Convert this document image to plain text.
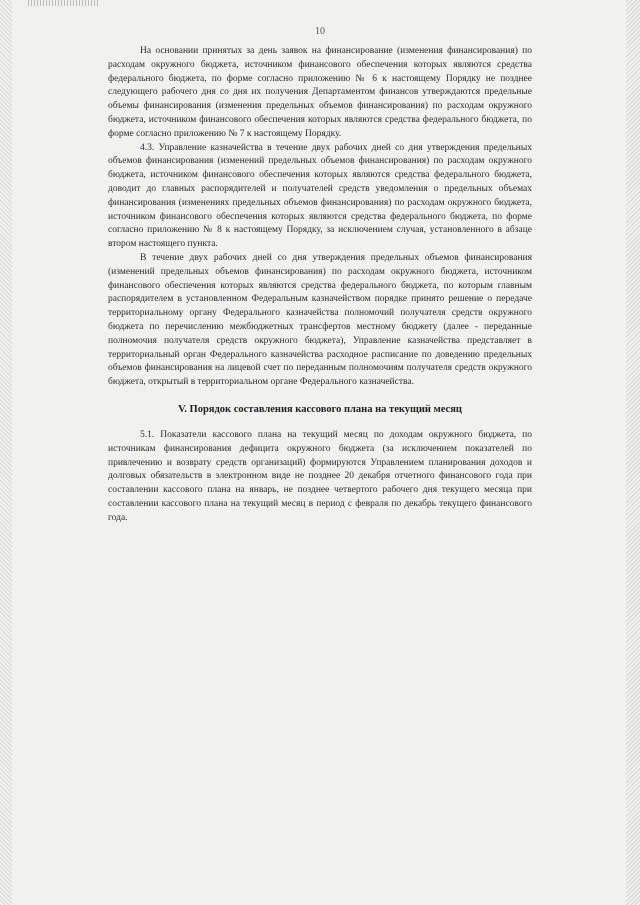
10

На основании принятых за день заявок на финансирование (изменения финансирования) по расходам окружного бюджета, источником финансового обеспечения которых являются средства федерального бюджета, по форме согласно приложению № 6 к настоящему Порядку не позднее следующего рабочего дня со дня их получения Департаментом финансов утверждаются предельные объемы финансирования (изменения предельных объемов финансирования) по расходам окружного бюджета, источником финансового обеспечения которых являются средства федерального бюджета, по форме согласно приложению № 7 к настоящему Порядку.

4.3. Управление казначейства в течение двух рабочих дней со дня утверждения предельных объемов финансирования (изменений предельных объемов финансирования) по расходам окружного бюджета, источником финансового обеспечения которых являются средства федерального бюджета, доводит до главных распорядителей и получателей средств уведомления о предельных объемах финансирования (изменениях предельных объемов финансирования) по расходам окружного бюджета, источником финансового обеспечения которых являются средства федерального бюджета, по форме согласно приложению № 8 к настоящему Порядку, за исключением случая, установленного в абзаце втором настоящего пункта.

В течение двух рабочих дней со дня утверждения предельных объемов финансирования (изменений предельных объемов финансирования) по расходам окружного бюджета, источником финансового обеспечения которых являются средства федерального бюджета, по которым главным распорядителем в установленном Федеральным казначейством порядке принято решение о передаче территориальному органу Федерального казначейства полномочий получателя средств окружного бюджета по перечислению межбюджетных трансфертов местному бюджету (далее - переданные полномочия получателя средств окружного бюджета), Управление казначейства представляет в территориальный орган Федерального казначейства расходное расписание по доведению предельных объемов финансирования на лицевой счет по переданным полномочиям получателя средств окружного бюджета, открытый в территориальном органе Федерального казначейства.

V. Порядок составления кассового плана на текущий месяц

5.1. Показатели кассового плана на текущий месяц по доходам окружного бюджета, по источникам финансирования дефицита окружного бюджета (за исключением показателей по привлечению и возврату средств организаций) формируются Управлением планирования доходов и долговых обязательств в электронном виде не позднее 20 декабря отчетного финансового года при составлении кассового плана на январь, не позднее четвертого рабочего дня текущего месяца при составлении кассового плана на текущий месяц в период с февраля по декабрь текущего финансового года.
